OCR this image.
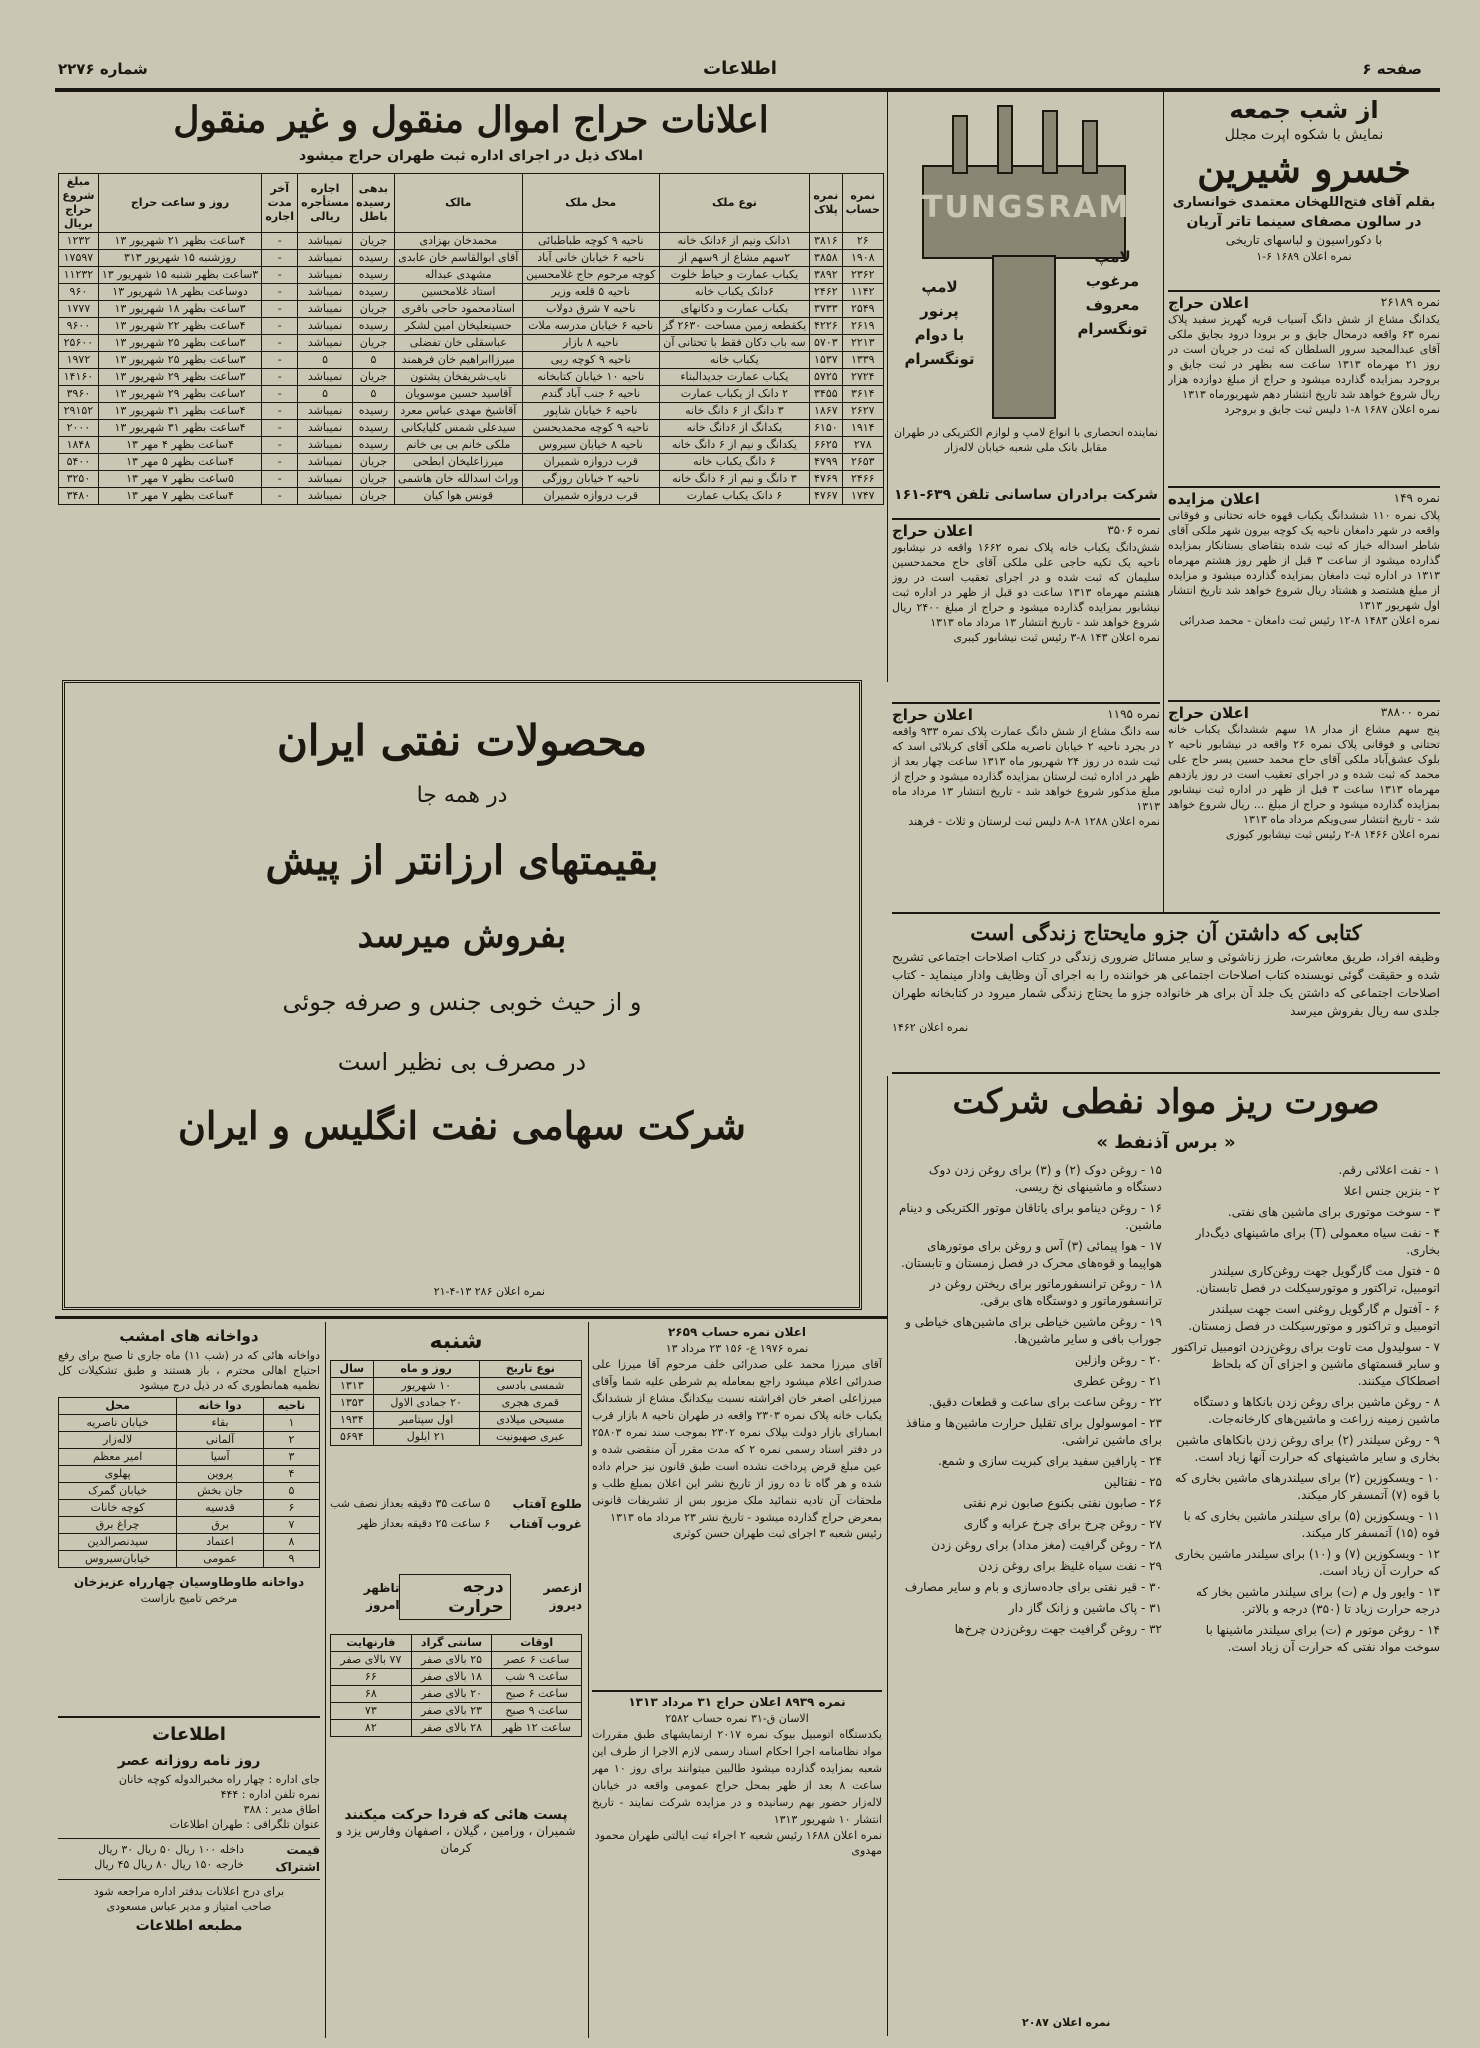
صفحه ۶
اطلاعات
شماره ۲۲۷۶
از شب جمعه
نمایش با شکوه اپرت مجلل
خسرو شیرین
بقلم آقای فتح‌اللهخان معتمدی خوانساری
در سالون مصفای سینما تاتر آریان
با دکوراسیون و لباسهای تاریخی
نمره اعلان ۱۶۸۹ ۶-۱
نمره ۲۶۱۸۹
اعلان حراج
یکدانگ مشاع از شش دانگ آسیاب قریه گهریز سفید پلاک نمره ۶۳ واقعه درمحال جایق و بر برودا درود بجایق ملکی آقای عبدالمجید سرور السلطان که ثبت در جریان است در روز ۲۱ مهرماه ۱۳۱۳ ساعت سه بظهر در ثبت جایق و بروجرد بمزایده گذارده میشود و حراج از مبلغ دوازده هزار ریال شروع خواهد شد تاریخ انتشار دهم شهریورماه ۱۳۱۳
نمره اعلان ۱۶۸۷ ۸-۱ دلیس ثبت جایق و بروجرد
نمره ۱۴۹
اعلان مزایده
پلاک نمره ۱۱۰ ششدانگ یکباب قهوه خانه تحتانی و فوقانی واقعه در شهر دامغان ناحیه یک کوچه بیرون شهر ملکی آقای شاطر اسداله خباز که ثبت شده بتقاضای بستانکار بمزایده گذارده میشود از ساعت ۳ قبل از ظهر روز هشتم مهرماه ۱۳۱۳ در اداره ثبت دامغان بمزایده گذارده میشود و مزایده از مبلغ هشتصد و هشتاد ریال شروع خواهد شد تاریخ انتشار اول شهریور ۱۳۱۳
نمره اعلان ۱۴۸۳ ۸-۱۲ رئیس ثبت دامغان - محمد صدرائی
نمره ۳۸۸۰۰
اعلان حراج
پنج سهم مشاع از مدار ۱۸ سهم ششدانگ یکباب خانه تحتانی و فوقانی پلاک نمره ۲۶ واقعه در نیشابور ناحیه ۲ بلوک عشق‌آباد ملکی آقای حاج محمد حسین پسر حاج علی محمد که ثبت شده و در اجرای تعقیب است در روز یازدهم مهرماه ۱۳۱۳ ساعت ۳ قبل از ظهر در اداره ثبت نیشابور بمزایده گذارده میشود و حراج از مبلغ ... ریال شروع خواهد شد - تاریخ انتشار سی‌و‌یکم مرداد ماه ۱۳۱۳
نمره اعلان ۱۴۶۶ ۸-۲ رئیس ثبت نیشابور کیوزی
TUNGSRAM
لامپ
پرنور
با دوام
تونگسرام
لامپ
مرغوب
معروف
تونگسرام
نماینده انحصاری با انواع لامپ و لوازم الکتریکی در طهران مقابل بانک ملی شعبه خیابان لاله‌زار
شرکت برادران ساسانی تلفن ۶۳۹-۱۶۱
نمره ۳۵۰۶
اعلان حراج
شش‌دانگ یکباب خانه پلاک نمره ۱۶۶۲ واقعه در نیشابور ناحیه یک تکیه حاجی علی ملکی آقای حاج محمدحسین سلیمان که ثبت شده و در اجرای تعقیب است در روز هشتم مهرماه ۱۳۱۳ ساعت دو قبل از ظهر در اداره ثبت نیشابور بمزایده گذارده میشود و حراج از مبلغ ۲۴۰۰ ریال شروع خواهد شد - تاریخ انتشار ۱۳ مرداد ماه ۱۳۱۳
نمره اعلان ۱۴۳ ۸-۳ رئیس ثبت نیشابور کیبری
نمره ۱۱۹۵
اعلان حراج
سه دانگ مشاع از شش دانگ عمارت پلاک نمره ۹۳۳ واقعه در بجرد ناحیه ۲ خیابان ناصریه ملکی آقای کربلائی اسد که ثبت شده در روز ۲۴ شهریور ماه ۱۳۱۳ ساعت چهار بعد از ظهر در اداره ثبت لرستان بمزایده گذارده میشود و حراج از مبلغ مذکور شروع خواهد شد - تاریخ انتشار ۱۳ مرداد ماه ۱۳۱۳
نمره اعلان ۱۲۸۸ ۸-۸ دلیس ثبت لرستان و ثلاث - فرهند
کتابی که داشتن آن جزو مایحتاج زندگی است
وظیفه افراد، طریق معاشرت، طرز زناشوئی و سایر مسائل ضروری زندگی در کتاب اصلاحات اجتماعی تشریح شده و حقیقت گوئی نویسنده کتاب اصلاحات اجتماعی هر خواننده را به اجرای آن وظایف وادار مینماید - کتاب اصلاحات اجتماعی که داشتن یک جلد آن برای هر خانواده جزو ما یحتاج زندگی شمار میرود در کتابخانه طهران جلدی سه ریال بفروش میرسد
نمره اعلان ۱۴۶۲
اعلانات حراج اموال منقول و غیر منقول
املاک ذیل در اجرای اداره ثبت طهران حراج میشود
نمره حساب	نمره پلاک	نوع ملک	محل ملک	مالک	بدهی رسیده باطل	اجاره مستأجره ریالی	آخر مدت اجاره	روز و ساعت حراج	مبلغ شروع حراج بریال
۲۶	۳۸۱۶	۱دانک ونیم از ۶دانک خانه	ناحیه ۹ کوچه طباطبائی	محمدخان بهزادی	جریان	نمیباشد	-	۴ساعت بظهر ۲۱ شهریور ۱۳	۱۲۳۲
۱۹۰۸	۳۸۵۸	۲سهم مشاع از ۹سهم از	ناحیه ۶ خیابان خانی آباد	آقای ابوالقاسم خان عابدی	رسیده	نمیباشد	-	روزشنبه ۱۵ شهریور ۳۱۳	۱۷۵۹۷
۲۳۶۲	۳۸۹۲	یکباب عمارت و حیاط خلوت	کوچه مرحوم حاج غلامحسین	مشهدی عبداله	رسیده	نمیباشد	-	۳ساعت بظهر شنبه ۱۵ شهریور ۱۳	۱۱۲۳۲
۱۱۴۲	۲۴۶۲	۶دانک یکباب خانه	ناحیه ۵ قلعه وزیر	استاد غلامحسین	رسیده	نمیباشد	-	دوساعت بظهر ۱۸ شهریور ۱۳	۹۶۰
۲۵۴۹	۳۷۳۳	یکباب عمارت و دکانهای	ناحیه ۷ شرق دولاب	استادمحمود حاجی باقری	جریان	نمیباشد	-	۳ساعت بظهر ۱۸ شهریور ۱۳	۱۷۷۷
۲۶۱۹	۴۲۲۶	یکقطعه زمین مساحت ۲۶۳۰ گز	ناحیه ۶ خیابان مدرسه ملات	حسینعلیخان امین لشکر	رسیده	نمیباشد	-	۴ساعت بظهر ۲۲ شهریور ۱۳	۹۶۰۰
۲۲۱۳	۵۷۰۳	سه باب دکان فقط با تحتانی آن	ناحیه ۸ بازار	عباسقلی خان تفضلی	جریان	نمیباشد	-	۳ساعت بظهر ۲۵ شهریور ۱۳	۲۵۶۰۰
۱۳۳۹	۱۵۳۷	یکباب خانه	ناحیه ۹ کوچه ربی	میرزاابراهیم خان فرهمند	۵	۵	-	۳ساعت بظهر ۲۵ شهریور ۱۳	۱۹۷۲
۲۷۲۴	۵۷۲۵	یکباب عمارت جدیدالبناء	ناحیه ۱۰ خیابان کتابخانه	نایب‌شریفخان پشتون	جریان	نمیباشد	-	۳ساعت بظهر ۲۹ شهریور ۱۳	۱۴۱۶۰
۳۶۱۴	۳۴۵۵	۲ دانک از یکباب عمارت	ناحیه ۶ جنب آباد گندم	آقاسید حسین موسویان	۵	۵	-	۲ساعت بظهر ۲۹ شهریور ۱۳	۳۹۶۰
۲۶۲۷	۱۸۶۷	۳ دانگ از ۶ دانگ خانه	ناحیه ۶ خیابان شاپور	آقاشیخ مهدی عباس معرد	رسیده	نمیباشد	-	۴ساعت بظهر ۳۱ شهریور ۱۳	۲۹۱۵۲
۱۹۱۴	۶۱۵۰	یکدانگ از ۶دانگ خانه	ناحیه ۹ کوچه محمدیحسن	سیدعلی شمس کلیایکانی	رسیده	نمیباشد	-	۴ساعت بظهر ۳۱ شهریور ۱۳	۲۰۰۰
۲۷۸	۶۶۲۵	یکدانگ و نیم از ۶ دانگ خانه	ناحیه ۸ خیابان سیروس	ملکی خانم بی بی خانم	رسیده	نمیباشد	-	۴ساعت بظهر ۴ مهر ۱۳	۱۸۴۸
۲۶۵۳	۴۷۹۹	۶ دانگ یکباب خانه	قرب دروازه شمیران	میرزاعلیخان ابطحی	جریان	نمیباشد	-	۴ساعت بظهر ۵ مهر ۱۳	۵۴۰۰
۲۴۶۶	۴۷۶۹	۳ دانگ و نیم از ۶ دانگ خانه	ناحیه ۲ خیابان روزگی	وراث اسدالله خان هاشمی	جریان	نمیباشد	-	۵ساعت بظهر ۷ مهر ۱۳	۳۲۵۰
۱۷۴۷	۴۷۶۷	۶ دانک یکباب عمارت	قرب دروازه شمیران	قونس هوا کیان	جریان	نمیباشد	-	۴ساعت بظهر ۷ مهر ۱۳	۳۴۸۰
محصولات نفتی ایران
در همه جا
بقیمتهای ارزانتر از پیش
بفروش میرسد
و از حیث خوبی جنس و صرفه جوئی
در مصرف بی نظیر است
شرکت سهامی نفت انگلیس و ایران
نمره اعلان ۲۸۶ ۱۳-۴-۲۱
صورت ریز مواد نفطی شرکت
« برس آذنفط »

۱ - نفت اعلائی رقم.

۲ - بنزین جنس اعلا

۳ - سوخت موتوری برای ماشین های نفتی.

۴ - نفت سیاه معمولی (T) برای ماشینهای دیگ‌دار بخاری.

۵ - فتول مت گارگویل جهت روغن‌کاری سیلندر اتومبیل، تراکتور و موتورسیکلت در فصل تابستان.

۶ - آفتول م گارگویل روغنی است جهت سیلندر اتومبیل و تراکتور و موتورسیکلت در فصل زمستان.

۷ - سولیدول مت تاوت برای روغن‌زدن اتومبیل تراکتور و سایر قسمتهای ماشین و اجزای آن که بلحاظ اصطکاک میکنند.

۸ - روغن ماشین برای روغن زدن بانکاها و دستگاه ماشین زمینه زراعت و ماشین‌های کارخانه‌جات.

۹ - روغن سیلندر (۲) برای روغن زدن بانکاهای ماشین بخاری و سایر ماشینهای که حرارت آنها زیاد است.

۱۰ - ویسکوزین (۲) برای سیلندرهای ماشین بخاری که با قوه (۷) آتمسفر کار میکند.

۱۱ - ویسکوزین (۵) برای سیلندر ماشین بخاری که با قوه (۱۵) آتمسفر کار میکند.

۱۲ - ویسکوزین (۷) و (۱۰) برای سیلندر ماشین بخاری که حرارت آن زیاد است.

۱۳ - وایور ول م (ت) برای سیلندر ماشین بخار که درجه حرارت زیاد تا (۳۵۰) درجه و بالاتر.

۱۴ - روغن موتور م (ت) برای سیلندر ماشینها با سوخت مواد نفتی که حرارت آن زیاد است.

۱۵ - روغن دوک (۲) و (۳) برای روغن زدن دوک دستگاه و ماشینهای نخ ریسی.

۱۶ - روغن دینامو برای یاتاقان موتور الکتریکی و دینام ماشین.

۱۷ - هوا پیمائی (۳) آس و روغن برای موتورهای هواپیما و قوه‌های محرک در فصل زمستان و تابستان.

۱۸ - روغن ترانسفورماتور برای ریختن روغن در ترانسفورماتور و دوستگاه های برقی.

۱۹ - روغن ماشین خیاطی برای ماشین‌های خیاطی و جوراب بافی و سایر ماشین‌ها.

۲۰ - روغن وازلین

۲۱ - روغن عطری

۲۲ - روغن ساعت برای ساعت و قطعات دقیق.

۲۳ - اموسولول برای تقلیل حرارت ماشین‌ها و منافذ برای ماشین تراشی.

۲۴ - پارافین سفید برای کبریت سازی و شمع.

۲۵ - نفتالین

۲۶ - صابون نفتی بکنوع صابون نرم نفتی

۲۷ - روغن چرخ برای چرخ عرابه و گاری

۲۸ - روغن گرافیت (مغز مداد) برای روغن زدن

۲۹ - نفت سیاه غلیظ برای روغن زدن

۳۰ - قیر نفتی برای جاده‌سازی و بام و سایر مصارف

۳۱ - پاک ماشین و زانک گاز دار

۳۲ - روغن گرافیت جهت روغن‌زدن چرخ‌ها

نمره اعلان ۲۰۸۷
اعلان نمره حساب ۲۶۵۹
نمره ۱۹۷۶ ع- ۱۵۶ ۲۳ مرداد ۱۳
آقای میرزا محمد علی صدرائی خلف مرحوم آقا میرزا علی صدرائی اعلام میشود راجع بمعامله یم شرطی علیه شما وآقای میرزاعلی اصغر خان افراشته نسبت بیکدانگ مشاع از ششدانگ یکباب خانه پلاک نمره ۲۳۰۳ واقعه در طهران ناحیه ۸ بازار قرب ابمبارای بازار دولت بپلاک نمره ۲۳۰۲ بموجب سند نمره ۲۵۸۰۳ در دفتر اسناد رسمی نمره ۲ که مدت مقرر آن منقضی شده و عین مبلغ قرض پرداخت نشده است طبق قانون نیز حرام داده شده و هر گاه تا ده روز از تاریخ نشر این اعلان بمبلغ طلب و ملحقات آن تادیه ننمائید ملک مزبور بس از تشریفات قانونی بمعرض حراج گذارده میشود - تاریخ نشر ۲۳ مرداد ماه ۱۳۱۳
رئیس شعبه ۳ اجرای ثبت طهران حسن کوثری
نمره ۸۹۳۹ اعلان حراج ۳۱ مرداد ۱۳۱۳
الاسان ق-۳۱ نمره حساب ۲۵۸۲
یکدستگاه اتومبیل بیوک نمره ۲۰۱۷ ارنمایشهای طبق مقررات مواد نظامنامه اجرا احکام اسناد رسمی لازم الاجرا از طرف این شعبه بمزایده گذارده میشود طالبین میتوانند برای روز ۱۰ مهر ساعت ۸ بعد از ظهر بمحل حراج عمومی واقعه در خیابان لاله‌زار حضور بهم رسانیده و در مزایده شرکت نمایند - تاریخ انتشار ۱۰ شهریور ۱۳۱۳
نمره اعلان ۱۶۸۸ رئیس شعبه ۲ اجراء ثبت ایالتی طهران محمود مهدوی
شنبه
نوع تاریخ	روز و ماه	سال
شمسی بادسی	۱۰ شهریور	۱۳۱۳
قمری هجری	۲۰ جمادی الاول	۱۳۵۳
مسیحی میلادی	اول سپتامبر	۱۹۳۴
عبری صهیونیت	۲۱ ایلول	۵۶۹۴
طلوع آفتاب
غروب آفتاب
۵ ساعت ۳۵ دقیقه بعداز نصف شب
۶ ساعت ۲۵ دقیقه بعداز ظهر
ازعصر دیروز
درجه حرارت
تاظهر امروز
اوقات	سانتی گراد	فارنهایت
ساعت ۶ عصر	۲۵ بالای صفر	۷۷ بالای صفر
ساعت ۹ شب	۱۸ بالای صفر	۶۶
ساعت ۶ صبح	۲۰ بالای صفر	۶۸
ساعت ۹ صبح	۲۳ بالای صفر	۷۳
ساعت ۱۲ ظهر	۲۸ بالای صفر	۸۲
پست هائی که فردا حرکت میکنند
شمیران ، ورامین ، گیلان ، اصفهان وفارس یزد و کرمان
دواخانه های امشب
دواخانه هائی که در (شب ۱۱) ماه جاری تا صبح برای رفع احتیاج اهالی محترم ، باز هستند و طبق تشکیلات کل نظمیه همانطوری که در ذیل درج میشود
ناحیه	دوا خانه	محل
۱	بقاء	خیابان ناصریه
۲	آلمانی	لاله‌زار
۳	آسیا	امیر معظم
۴	پروین	پهلوی
۵	جان بخش	خیابان گمرک
۶	قدسیه	کوچه خانات
۷	برق	چراغ برق
۸	اعتماد	سیدنصرالدین
۹	عمومی	خیابان‌سیروس
دواخانه طاوطاوسیان چهارراه عزیزخان
مرخص تامیج بازاست
اطلاعات
روز نامه روزانه عصر
جای اداره : چهار راه مخبرالدوله کوچه خانان
نمره تلفن اداره : ۴۴۴
اطاق مدیر : ۳۸۸
عنوان تلگرافی : طهران اطلاعات
قیمت اشتراک
داخله ۱۰۰ ریال ۵۰ ریال ۳۰ ریال
خارجه ۱۵۰ ریال ۸۰ ریال ۴۵ ریال
برای درج اعلانات بدفتر اداره مراجعه شود
صاحب امتیاز و مدیر عباس مسعودی
مطبعه اطلاعات
